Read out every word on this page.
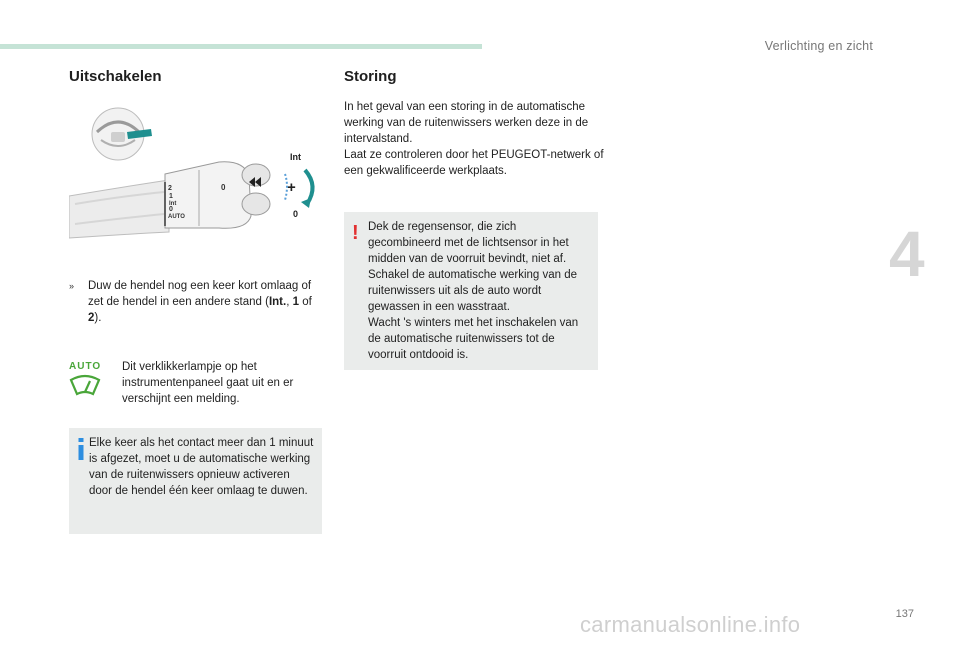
Verlichting en zicht
4
Uitschakelen
2
1
Int
0
AUTO
0
Int
0
+
» Duw de hendel nog een keer kort omlaag of zet de hendel in een andere stand (Int., 1 of 2).
AUTO	Dit verklikkerlampje op het instrumentenpaneel gaat uit en er verschijnt een melding.
Elke keer als het contact meer dan 1 minuut is afgezet, moet u de automatische werking van de ruitenwissers opnieuw activeren door de hendel één keer omlaag te duwen.
Storing
In het geval van een storing in de automatische werking van de ruitenwissers werken deze in de intervalstand.
Laat ze controleren door het PEUGEOT-netwerk of een gekwalificeerde werkplaats.
! Dek de regensensor, die zich gecombineerd met de lichtsensor in het midden van de voorruit bevindt, niet af.
Schakel de automatische werking van de ruitenwissers uit als de auto wordt gewassen in een wasstraat.
Wacht 's winters met het inschakelen van de automatische ruitenwissers tot de voorruit ontdooid is.
137
carmanualsonline.info
